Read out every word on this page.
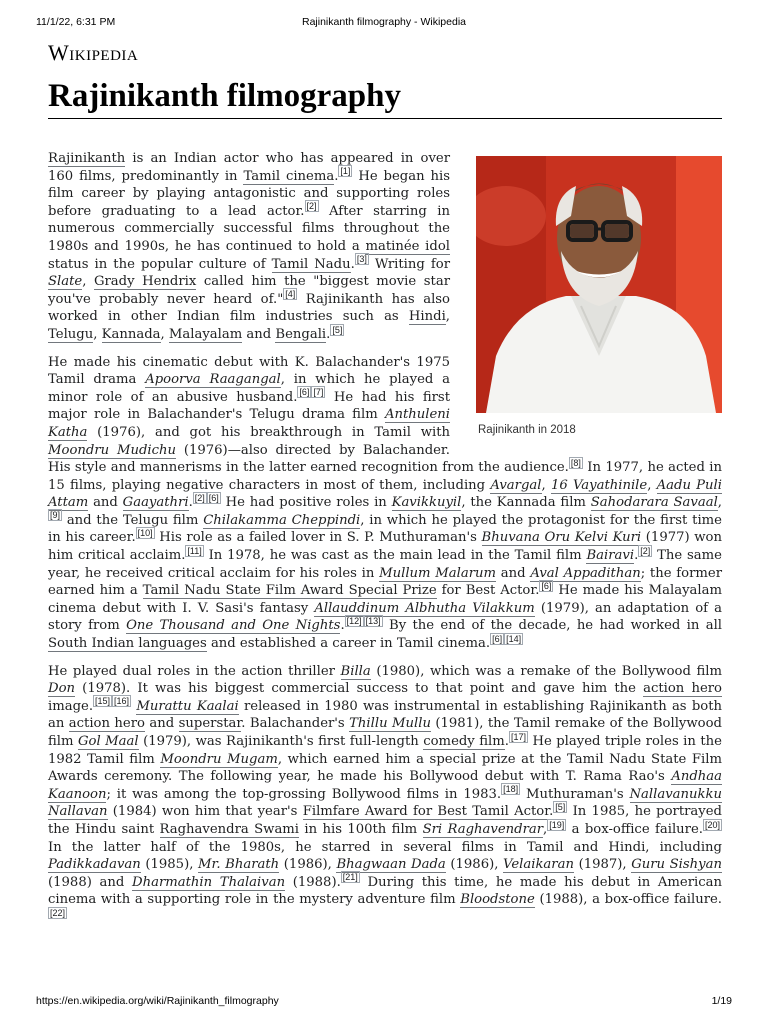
11/1/22, 6:31 PM	Rajinikanth filmography - Wikipedia
Wikipedia
Rajinikanth filmography
Rajinikanth in 2018

Rajinikanth is an Indian actor who has appeared in over 160 films, predominantly in Tamil cinema. [1] He began his film career by playing antagonistic and supporting roles before graduating to a lead actor. [2] After starring in numerous commercially successful films throughout the 1980s and 1990s, he has continued to hold a matinée idol status in the popular culture of Tamil Nadu. [3] Writing for Slate, Grady Hendrix called him the "biggest movie star you've probably never heard of." [4] Rajinikanth has also worked in other Indian film industries such as Hindi, Telugu, Kannada, Malayalam and Bengali. [5]

He made his cinematic debut with K. Balachander's 1975 Tamil drama Apoorva Raagangal, in which he played a minor role of an abusive husband. [6] [7] He had his first major role in Balachander's Telugu drama film Anthuleni Katha (1976), and got his breakthrough in Tamil with Moondru Mudichu (1976)—also directed by Balachander. His style and mannerisms in the latter earned recognition from the audience. [8] In 1977, he acted in 15 films, playing negative characters in most of them, including Avargal, 16 Vayathinile, Aadu Puli Attam and Gaayathri. [2] [6] He had positive roles in Kavikkuyil, the Kannada film Sahodarara Savaal,[9] and the Telugu film Chilakamma Cheppindi, in which he played the protagonist for the first time in his career. [10] His role as a failed lover in S. P. Muthuraman's Bhuvana Oru Kelvi Kuri (1977) won him critical acclaim. [11] In 1978, he was cast as the main lead in the Tamil film Bairavi. [2] The same year, he received critical acclaim for his roles in Mullum Malarum and Aval Appadithan; the former earned him a Tamil Nadu State Film Award Special Prize for Best Actor. [6] He made his Malayalam cinema debut with I. V. Sasi's fantasy Allauddinum Albhutha Vilakkum (1979), an adaptation of a story from One Thousand and One Nights. [12] [13] By the end of the decade, he had worked in all South Indian languages and established a career in Tamil cinema. [6] [14]

He played dual roles in the action thriller Billa (1980), which was a remake of the Bollywood film Don (1978). It was his biggest commercial success to that point and gave him the action hero image. [15] [16] Murattu Kaalai released in 1980 was instrumental in establishing Rajinikanth as both an action hero and superstar. Balachander's Thillu Mullu (1981), the Tamil remake of the Bollywood film Gol Maal (1979), was Rajinikanth's first full-length comedy film. [17] He played triple roles in the 1982 Tamil film Moondru Mugam, which earned him a special prize at the Tamil Nadu State Film Awards ceremony. The following year, he made his Bollywood debut with T. Rama Rao's Andhaa Kaanoon; it was among the top-grossing Bollywood films in 1983. [18] Muthuraman's Nallavanukku Nallavan (1984) won him that year's Filmfare Award for Best Tamil Actor. [5] In 1985, he portrayed the Hindu saint Raghavendra Swami in his 100th film Sri Raghavendrar, [19] a box-office failure. [20] In the latter half of the 1980s, he starred in several films in Tamil and Hindi, including Padikkadavan (1985), Mr. Bharath (1986), Bhagwaan Dada (1986), Velaikaran (1987), Guru Sishyan (1988) and Dharmathin Thalaivan (1988). [21] During this time, he made his debut in American cinema with a supporting role in the mystery adventure film Bloodstone (1988), a box-office failure.[22]

https://en.wikipedia.org/wiki/Rajinikanth_filmography	1/19
